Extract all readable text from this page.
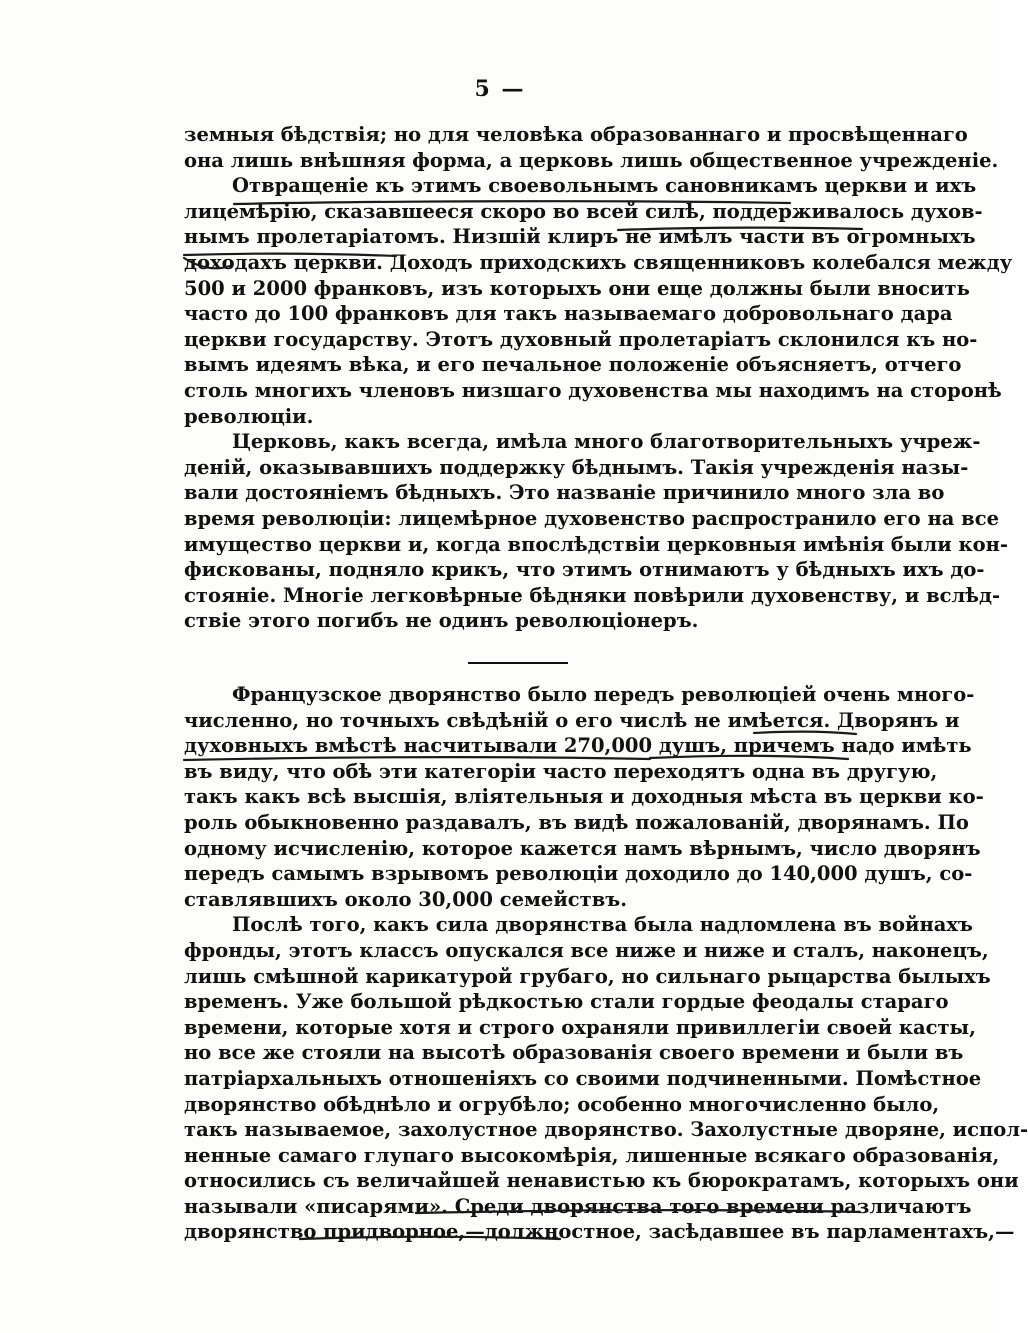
5 —
земныя бѣдствія; но для человѣка образованнаго и просвѣщеннаго
она лишь внѣшняя форма, а церковь лишь общественное учрежденіе.
Отвращеніе къ этимъ своевольнымъ сановникамъ церкви и ихъ
лицемѣрію, сказавшееся скоро во всей силѣ, поддерживалось духов-
нымъ пролетаріатомъ. Низшій клиръ не имѣлъ части въ огромныхъ
доходахъ церкви. Доходъ приходскихъ священниковъ колебался между
500 и 2000 франковъ, изъ которыхъ они еще должны были вносить
часто до 100 франковъ для такъ называемаго добровольнаго дара
церкви государству. Этотъ духовный пролетаріатъ склонился къ но-
вымъ идеямъ вѣка, и его печальное положеніе объясняетъ, отчего
столь многихъ членовъ низшаго духовенства мы находимъ на сторонѣ
революціи.
Церковь, какъ всегда, имѣла много благотворительныхъ учреж-
деній, оказывавшихъ поддержку бѣднымъ. Такія учрежденія назы-
вали достояніемъ бѣдныхъ. Это названіе причинило много зла во
время революціи: лицемѣрное духовенство распространило его на все
имущество церкви и, когда впослѣдствіи церковныя имѣнія были кон-
фискованы, подняло крикъ, что этимъ отнимаютъ у бѣдныхъ ихъ до-
стояніе. Многіе легковѣрные бѣдняки повѣрили духовенству, и вслѣд-
ствіе этого погибъ не одинъ революціонеръ.
Французское дворянство было передъ революціей очень много-
численно, но точныхъ свѣдѣній о его числѣ не имѣется. Дворянъ и
духовныхъ вмѣстѣ насчитывали 270,000 душъ, причемъ надо имѣть
въ виду, что обѣ эти категоріи часто переходятъ одна въ другую,
такъ какъ всѣ высшія, вліятельныя и доходныя мѣста въ церкви ко-
роль обыкновенно раздавалъ, въ видѣ пожалованій, дворянамъ. По
одному исчисленію, которое кажется намъ вѣрнымъ, число дворянъ
передъ самымъ взрывомъ революціи доходило до 140,000 душъ, со-
ставлявшихъ около 30,000 семействъ.
Послѣ того, какъ сила дворянства была надломлена въ войнахъ
фронды, этотъ классъ опускался все ниже и ниже и сталъ, наконецъ,
лишь смѣшной карикатурой грубаго, но сильнаго рыцарства былыхъ
временъ. Уже большой рѣдкостью стали гордые феодалы стараго
времени, которые хотя и строго охраняли привиллегіи своей касты,
но все же стояли на высотѣ образованія своего времени и были въ
патріархальныхъ отношеніяхъ со своими подчиненными. Помѣстное
дворянство обѣднѣло и огрубѣло; особенно многочисленно было,
такъ называемое, захолустное дворянство. Захолустные дворяне, испол-
ненные самаго глупаго высокомѣрія, лишенные всякаго образованія,
относились съ величайшей ненавистью къ бюрократамъ, которыхъ они
называли «писарями». Среди дворянства того времени различаютъ
дворянство придворное,—должностное, засѣдавшее въ парламентахъ,—
